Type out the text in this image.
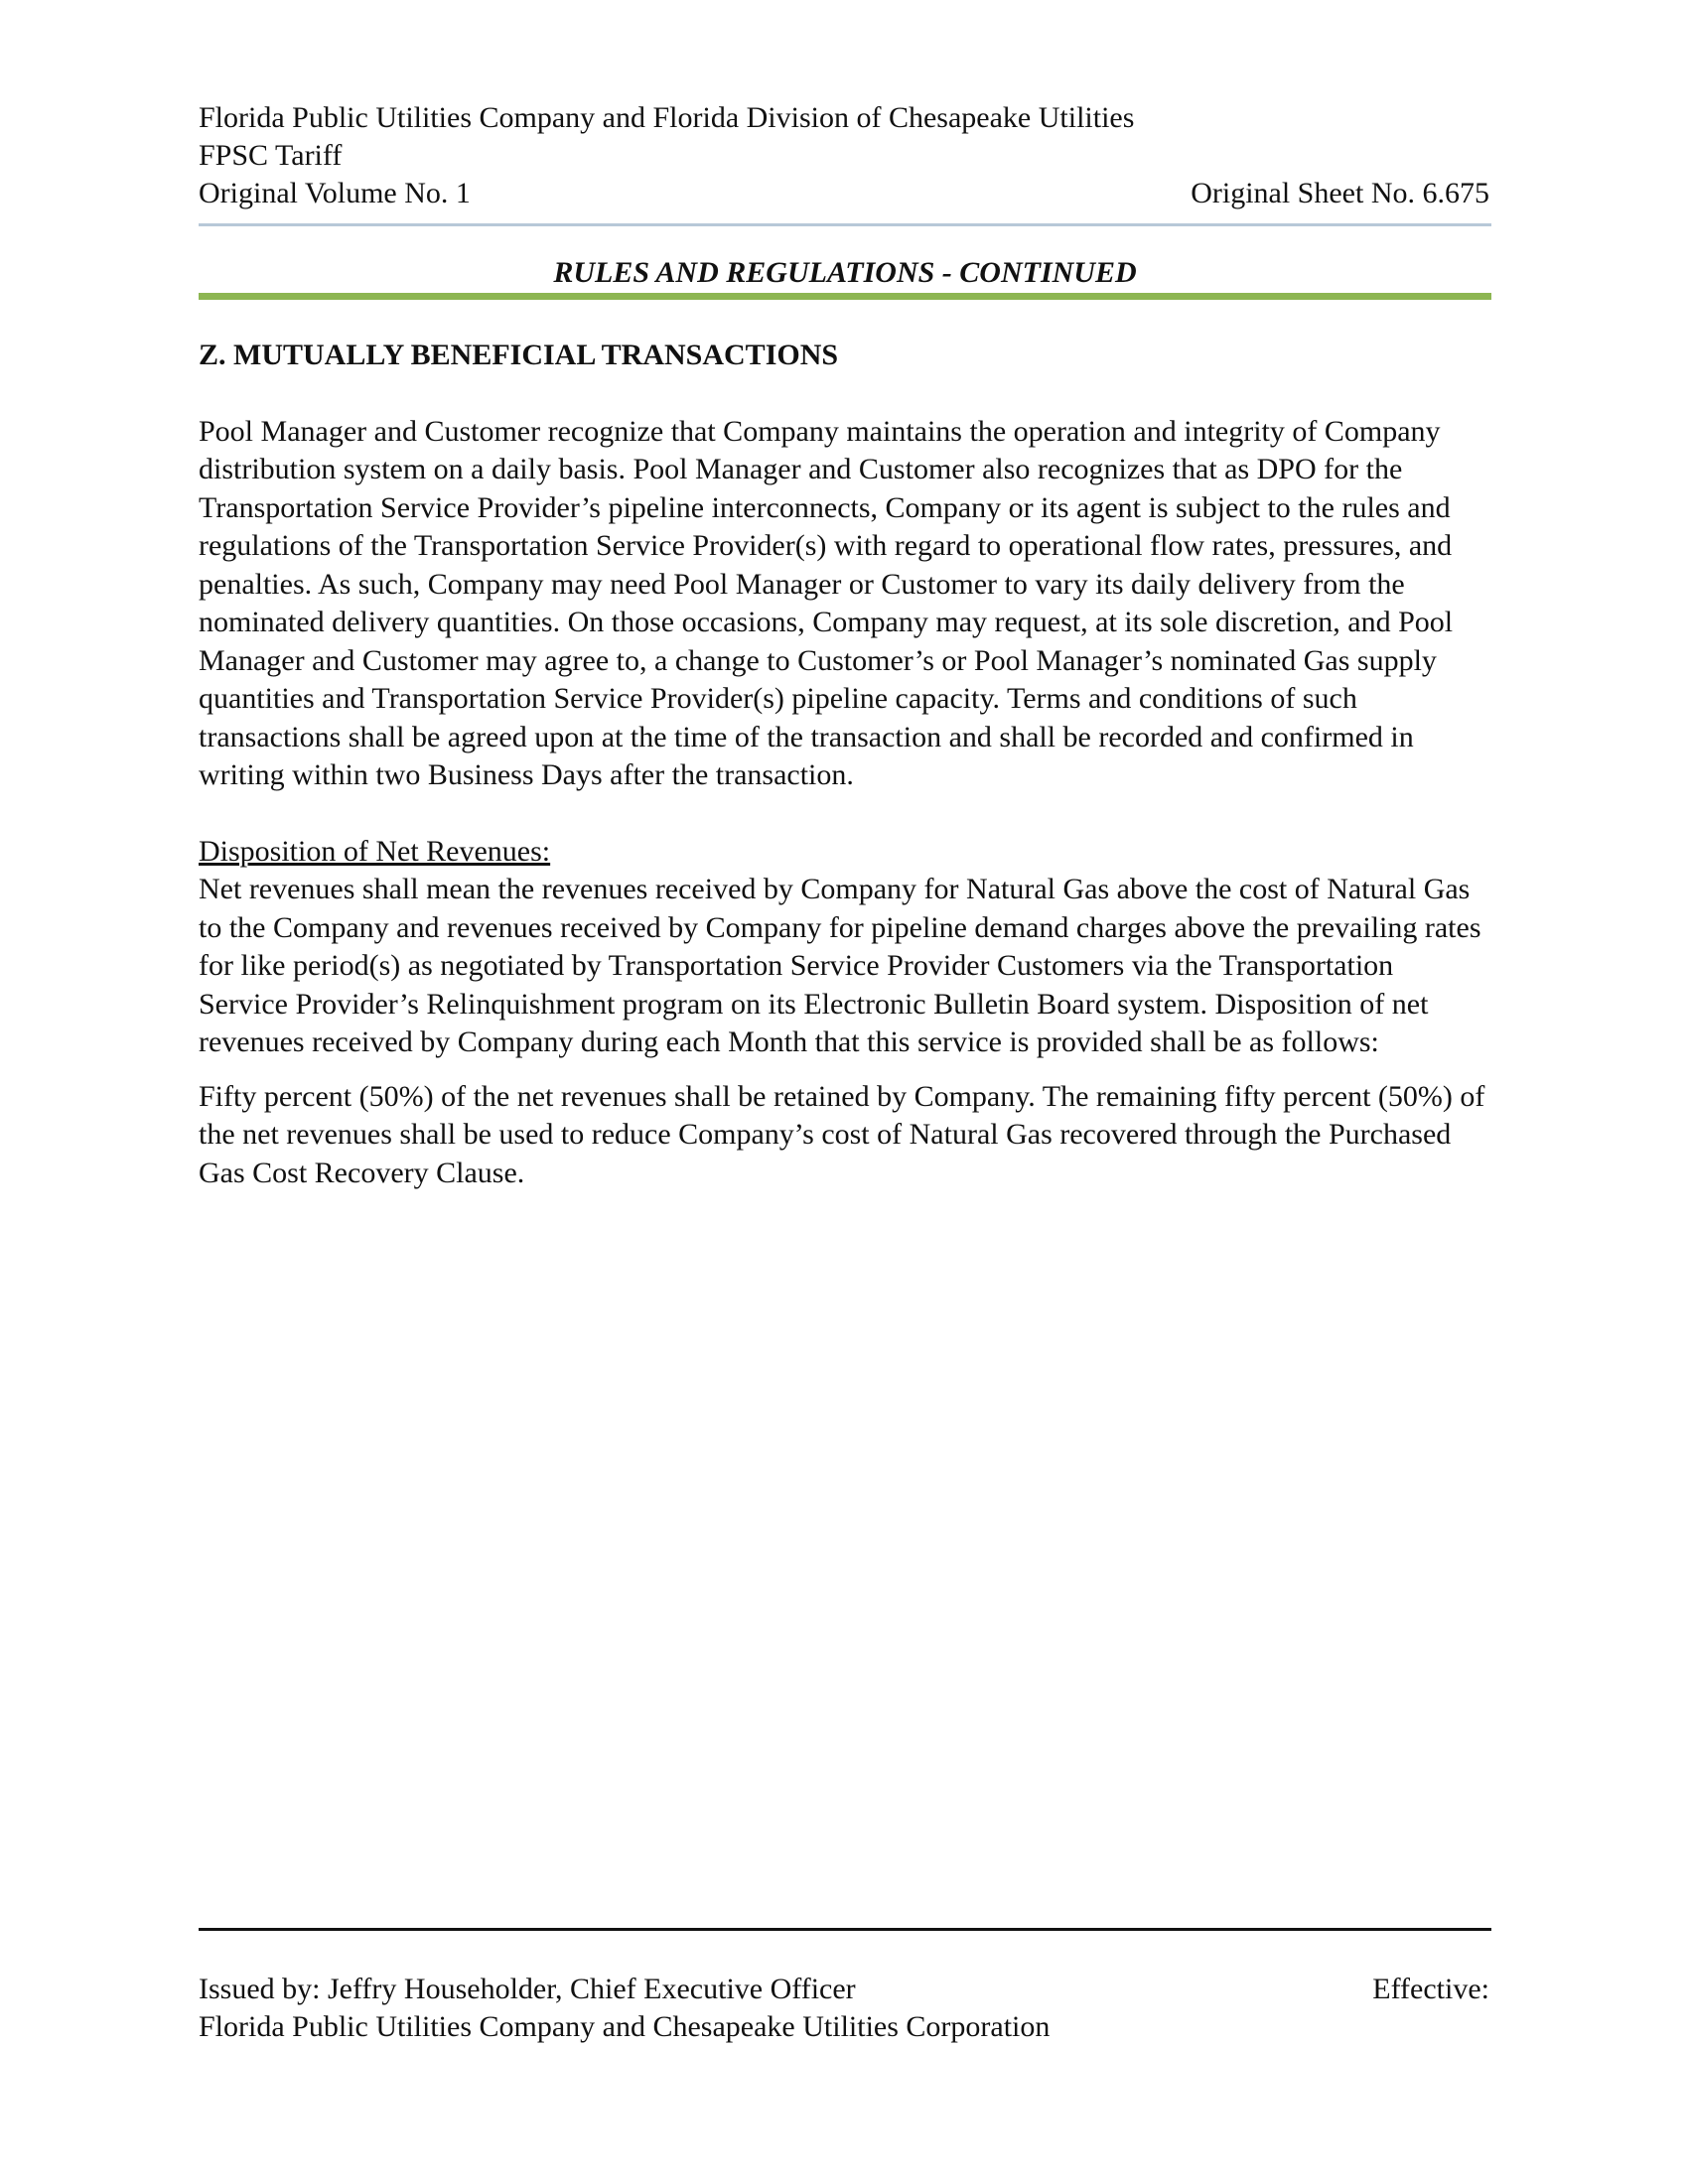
Florida Public Utilities Company and Florida Division of Chesapeake Utilities
FPSC Tariff
Original Volume No. 1	Original Sheet No. 6.675
RULES AND REGULATIONS - CONTINUED

Z. MUTUALLY BENEFICIAL TRANSACTIONS

Pool Manager and Customer recognize that Company maintains the operation and integrity of Company distribution system on a daily basis. Pool Manager and Customer also recognizes that as DPO for the Transportation Service Provider’s pipeline interconnects, Company or its agent is subject to the rules and regulations of the Transportation Service Provider(s) with regard to operational flow rates, pressures, and penalties. As such, Company may need Pool Manager or Customer to vary its daily delivery from the nominated delivery quantities. On those occasions, Company may request, at its sole discretion, and Pool Manager and Customer may agree to, a change to Customer’s or Pool Manager’s nominated Gas supply quantities and Transportation Service Provider(s) pipeline capacity. Terms and conditions of such transactions shall be agreed upon at the time of the transaction and shall be recorded and confirmed in writing within two Business Days after the transaction.

Disposition of Net Revenues:

Net revenues shall mean the revenues received by Company for Natural Gas above the cost of Natural Gas to the Company and revenues received by Company for pipeline demand charges above the prevailing rates for like period(s) as negotiated by Transportation Service Provider Customers via the Transportation Service Provider’s Relinquishment program on its Electronic Bulletin Board system. Disposition of net revenues received by Company during each Month that this service is provided shall be as follows:

Fifty percent (50%) of the net revenues shall be retained by Company. The remaining fifty percent (50%) of the net revenues shall be used to reduce Company’s cost of Natural Gas recovered through the Purchased Gas Cost Recovery Clause.

Issued by: Jeffry Householder, Chief Executive Officer	Effective:
Florida Public Utilities Company and Chesapeake Utilities Corporation
